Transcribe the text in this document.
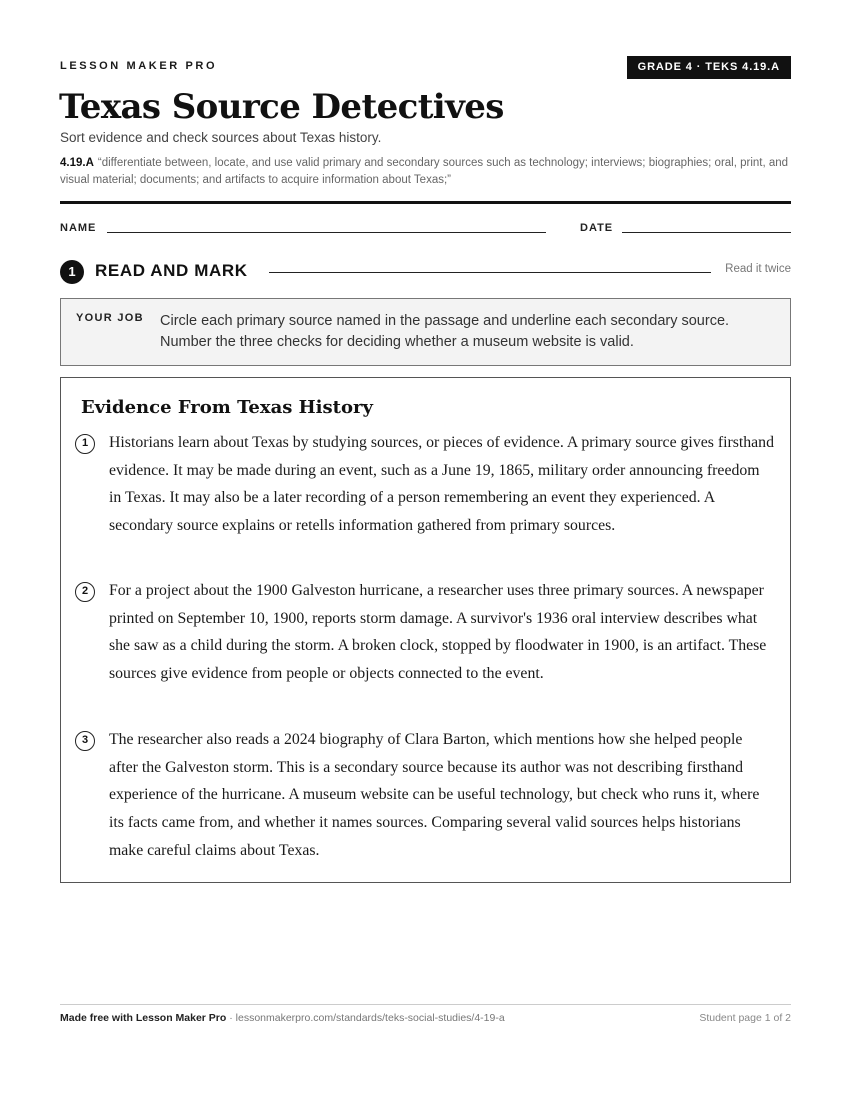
LESSON MAKER PRO	GRADE 4 · TEKS 4.19.A
Texas Source Detectives
Sort evidence and check sources about Texas history.
4.19.A “differentiate between, locate, and use valid primary and secondary sources such as technology; interviews; biographies; oral, print, and visual material; documents; and artifacts to acquire information about Texas;”
NAME	DATE
1	READ AND MARK	Read it twice
YOUR JOB Circle each primary source named in the passage and underline each secondary source. Number the three checks for deciding whether a museum website is valid.
Evidence From Texas History
1	Historians learn about Texas by studying sources, or pieces of evidence. A primary source gives firsthand evidence. It may be made during an event, such as a June 19, 1865, military order announcing freedom in Texas. It may also be a later recording of a person remembering an event they experienced. A secondary source explains or retells information gathered from primary sources.
2	For a project about the 1900 Galveston hurricane, a researcher uses three primary sources. A newspaper printed on September 10, 1900, reports storm damage. A survivor's 1936 oral interview describes what she saw as a child during the storm. A broken clock, stopped by floodwater in 1900, is an artifact. These sources give evidence from people or objects connected to the event.
3	The researcher also reads a 2024 biography of Clara Barton, which mentions how she helped people after the Galveston storm. This is a secondary source because its author was not describing firsthand experience of the hurricane. A museum website can be useful technology, but check who runs it, where its facts came from, and whether it names sources. Comparing several valid sources helps historians make careful claims about Texas.
Made free with Lesson Maker Pro · lessonmakerpro.com/standards/teks-social-studies/4-19-a	Student page 1 of 2
